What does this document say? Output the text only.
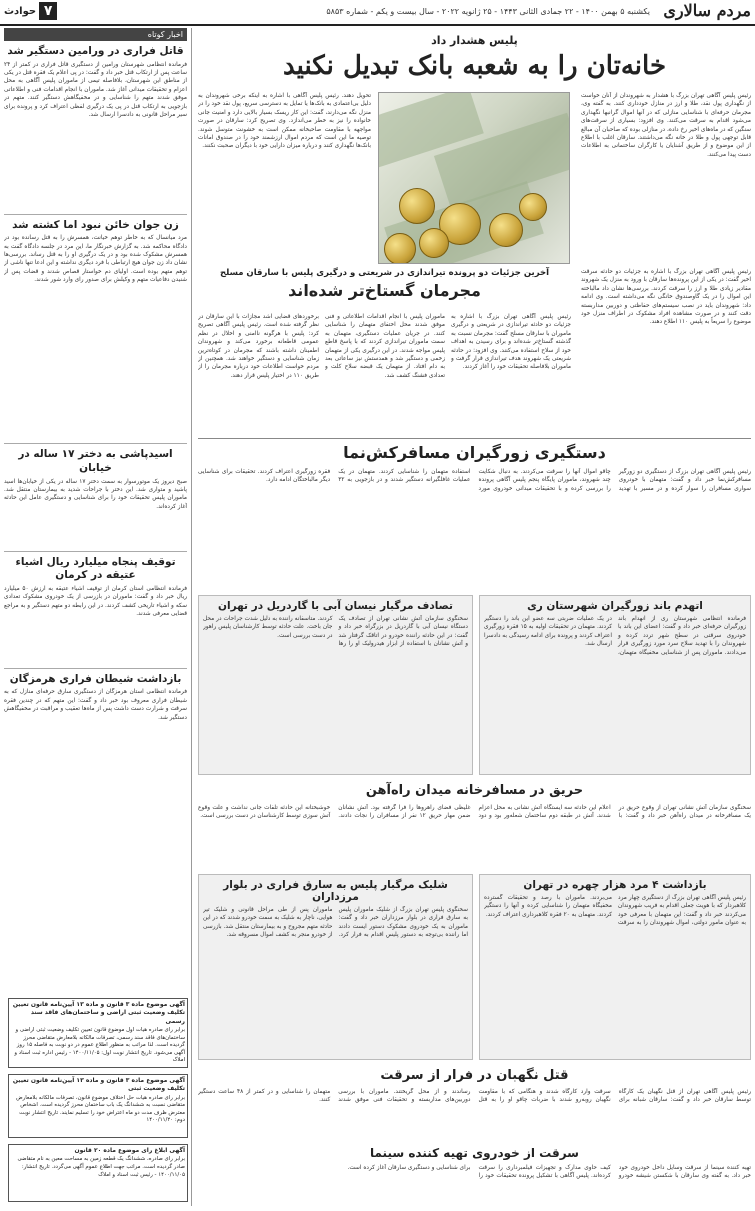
مردم سالاری
یکشنبه ۵ بهمن ۱۴۰۰ - ۲۲ جمادی الثانی ۱۴۴۳ - ۲۵ ژانویه ۲۰۲۲ - سال بیست و یکم - شماره ۵۸۵۳
۷
حوادث
اخبار کوتاه
قاتل فراری در ورامین دستگیر شد
فرمانده انتظامی شهرستان ورامین از دستگیری قاتل فراری در کمتر از ۲۴ ساعت پس از ارتکاب قتل خبر داد و گفت: در پی اعلام یک فقره قتل در یکی از مناطق این شهرستان، بلافاصله تیمی از ماموران پلیس آگاهی به محل اعزام و تحقیقات میدانی آغاز شد. ماموران با انجام اقدامات فنی و اطلاعاتی موفق شدند متهم را شناسایی و در مخفیگاهش دستگیر کنند. متهم در بازجویی به ارتکاب قتل در پی یک درگیری لفظی اعتراف کرد و پرونده برای سیر مراحل قانونی به دادسرا ارسال شد.
زن جوان خائن نبود اما کشته شد
مرد میانسال که به خاطر توهم خیانت، همسرش را به قتل رسانده بود در دادگاه محاکمه شد. به گزارش خبرنگار ما، این مرد در جلسه دادگاه گفت به همسرش مشکوک شده بود و در یک درگیری او را به قتل رساند. بررسی‌ها نشان داد زن جوان هیچ ارتباطی با فرد دیگری نداشته و این ادعا تنها ناشی از توهم متهم بوده است. اولیای دم خواستار قصاص شدند و قضات پس از شنیدن دفاعیات متهم و وکیلش برای صدور رای وارد شور شدند.
اسیدپاشی به دختر ۱۷ ساله در خیابان
صبح دیروز یک موتورسوار به سمت دختر ۱۷ ساله در یکی از خیابان‌ها اسید پاشید و متواری شد. این دختر با جراحات شدید به بیمارستان منتقل شد. ماموران پلیس تحقیقات خود را برای شناسایی و دستگیری عامل این حادثه آغاز کرده‌اند.
توقیف پنجاه میلیارد ریال اشیاء عتیقه در کرمان
فرمانده انتظامی استان کرمان از توقیف اشیاء عتیقه به ارزش ۵۰ میلیارد ریال خبر داد و گفت: ماموران در بازرسی از یک خودروی مشکوک تعدادی سکه و اشیاء تاریخی کشف کردند. در این رابطه دو متهم دستگیر و به مراجع قضایی معرفی شدند.
بازداشت شیطان فراری هرمزگان
فرمانده انتظامی استان هرمزگان از دستگیری سارق حرفه‌ای منازل که به شیطان فراری معروف بود خبر داد و گفت: این متهم که در چندین فقره سرقت و شرارت دست داشت پس از ماه‌ها تعقیب و مراقبت در مخفیگاهش دستگیر شد.
آگهی موضوع ماده ۳ قانون و ماده ۱۳ آیین‌نامه قانون تعیین تکلیف وضعیت ثبتی اراضی و ساختمان‌های فاقد سند رسمی
برابر رای صادره هیات اول موضوع قانون تعیین تکلیف وضعیت ثبتی اراضی و ساختمان‌های فاقد سند رسمی، تصرفات مالکانه بلامعارض متقاضی محرز گردیده است. لذا مراتب به منظور اطلاع عموم در دو نوبت به فاصله ۱۵ روز آگهی می‌شود. تاریخ انتشار نوبت اول: ۱۴۰۰/۱۱/۰۵ - رئیس اداره ثبت اسناد و املاک
آگهی موضوع ماده ۳ قانون و ماده ۱۳ آیین‌نامه قانون تعیین تکلیف وضعیت ثبتی
برابر رای صادره هیات حل اختلاف موضوع قانون، تصرفات مالکانه بلامعارض متقاضی نسبت به ششدانگ یک باب ساختمان محرز گردیده است. اشخاص معترض ظرف مدت دو ماه اعتراض خود را تسلیم نمایند. تاریخ انتشار نوبت دوم: ۱۴۰۰/۱۱/۲۰
آگهی ابلاغ رای موضوع ماده ۲۰ قانون
برابر رای صادره، ششدانگ یک قطعه زمین به مساحت معین به نام متقاضی صادر گردیده است. مراتب جهت اطلاع عموم آگهی می‌گردد. تاریخ انتشار: ۱۴۰۰/۱۱/۰۵ - رئیس ثبت اسناد و املاک
پلیس هشدار داد
خانه‌تان را به شعبه بانک تبدیل نکنید
رئیس پلیس آگاهی تهران بزرگ با هشدار به شهروندان از آنان خواست از نگهداری پول نقد، طلا و ارز در منازل خودداری کنند. به گفته وی، مجرمان حرفه‌ای با شناسایی منازلی که در آنها اموال گرانبها نگهداری می‌شود اقدام به سرقت می‌کنند. وی افزود: بسیاری از سرقت‌های سنگین که در ماه‌های اخیر رخ داده، در منازلی بوده که صاحبان آن مبالغ قابل توجهی پول و طلا در خانه نگه می‌داشتند. سارقان اغلب با اطلاع از این موضوع و از طریق آشنایان یا کارگران ساختمانی به اطلاعات دست پیدا می‌کنند.
تحویل دهند. رئیس پلیس آگاهی با اشاره به اینکه برخی شهروندان به دلیل بی‌اعتمادی به بانک‌ها یا تمایل به دسترسی سریع، پول نقد خود را در منزل نگه می‌دارند، گفت: این کار ریسک بسیار بالایی دارد و امنیت جانی خانواده را نیز به خطر می‌اندازد. وی تصریح کرد: سارقان در صورت مواجهه با مقاومت صاحبخانه ممکن است به خشونت متوسل شوند. توصیه ما این است که مردم اموال ارزشمند خود را در صندوق امانات بانک‌ها نگهداری کنند و درباره میزان دارایی خود با دیگران صحبت نکنند.
رئیس پلیس آگاهی تهران بزرگ با اشاره به جزئیات دو حادثه سرقت اخیر گفت: در یکی از این پرونده‌ها سارقان با ورود به منزل یک شهروند مقادیر زیادی طلا و ارز را سرقت کردند. بررسی‌ها نشان داد مالباخته این اموال را در یک گاوصندوق خانگی نگه می‌داشته است. وی ادامه داد: شهروندان باید در نصب سیستم‌های حفاظتی و دوربین مداربسته دقت کنند و در صورت مشاهده افراد مشکوک در اطراف منزل خود موضوع را سریعاً به پلیس ۱۱۰ اطلاع دهند.
آخرین جزئیات دو پرونده تیراندازی در شریعتی و درگیری پلیس با سارقان مسلح
مجرمان گستاخ‌تر شده‌اند
رئیس پلیس آگاهی تهران بزرگ با اشاره به جزئیات دو حادثه تیراندازی در شریعتی و درگیری ماموران با سارقان مسلح گفت: مجرمان نسبت به گذشته گستاخ‌تر شده‌اند و برای رسیدن به اهداف خود از سلاح استفاده می‌کنند. وی افزود: در حادثه شریعتی یک شهروند هدف تیراندازی قرار گرفت و ماموران بلافاصله تحقیقات خود را آغاز کردند.
ماموران پلیس با انجام اقدامات اطلاعاتی و فنی موفق شدند محل اختفای متهمان را شناسایی کنند. در جریان عملیات دستگیری، متهمان به سمت ماموران تیراندازی کردند که با پاسخ قاطع پلیس مواجه شدند. در این درگیری یکی از متهمان زخمی و دستگیر شد و همدستش نیز ساعاتی بعد به دام افتاد. از متهمان یک قبضه سلاح کلت و تعدادی فشنگ کشف شد.
برخوردهای قضایی اشد مجازات با این سارقان در نظر گرفته شده است. رئیس پلیس آگاهی تصریح کرد: پلیس با هرگونه ناامنی و اخلال در نظم عمومی قاطعانه برخورد می‌کند و شهروندان اطمینان داشته باشند که مجرمان در کوتاه‌ترین زمان شناسایی و دستگیر خواهند شد. همچنین از مردم خواست اطلاعات خود درباره مجرمان را از طریق ۱۱۰ در اختیار پلیس قرار دهند.
دستگیری زورگیران مسافرکش‌نما
رئیس پلیس آگاهی تهران بزرگ از دستگیری دو زورگیر مسافرکش‌نما خبر داد و گفت: متهمان با خودروی سواری مسافران را سوار کرده و در مسیر با تهدید چاقو اموال آنها را سرقت می‌کردند. به دنبال شکایت چند شهروند، ماموران پایگاه پنجم پلیس آگاهی پرونده را بررسی کرده و با تحقیقات میدانی خودروی مورد استفاده متهمان را شناسایی کردند. متهمان در یک عملیات غافلگیرانه دستگیر شدند و در بازجویی به ۳۲ فقره زورگیری اعتراف کردند. تحقیقات برای شناسایی دیگر مالباختگان ادامه دارد.
اتهدم باند زورگیران شهرستان ری
فرمانده انتظامی شهرستان ری از انهدام باند زورگیران حرفه‌ای خبر داد و گفت: اعضای این باند با خودروی سرقتی در سطح شهر تردد کرده و شهروندان را با تهدید سلاح سرد مورد زورگیری قرار می‌دادند. ماموران پس از شناسایی مخفیگاه متهمان، در یک عملیات ضربتی سه عضو این باند را دستگیر کردند. متهمان در تحقیقات اولیه به ۱۵ فقره زورگیری اعتراف کردند و پرونده برای ادامه رسیدگی به دادسرا ارسال شد.
تصادف مرگبار نیسان آبی با گاردریل در تهران
سخنگوی سازمان آتش نشانی تهران از تصادف یک دستگاه نیسان آبی با گاردریل در بزرگراه خبر داد و گفت: در این حادثه راننده خودرو در اتاقک گرفتار شد و آتش نشانان با استفاده از ابزار هیدرولیک او را رها کردند. متاسفانه راننده به دلیل شدت جراحات در محل جان باخت. علت حادثه توسط کارشناسان پلیس راهور در دست بررسی است.
حریق در مسافرخانه میدان راه‌آهن
سخنگوی سازمان آتش نشانی تهران از وقوع حریق در یک مسافرخانه در میدان راه‌آهن خبر داد و گفت: با اعلام این حادثه سه ایستگاه آتش نشانی به محل اعزام شدند. آتش در طبقه دوم ساختمان شعله‌ور بود و دود غلیظی فضای راهروها را فرا گرفته بود. آتش نشانان ضمن مهار حریق ۱۲ نفر از مسافران را نجات دادند. خوشبختانه این حادثه تلفات جانی نداشت و علت وقوع آتش سوزی توسط کارشناسان در دست بررسی است.
بازداشت ۴ مرد هزار چهره در تهران
رئیس پلیس آگاهی تهران بزرگ از دستگیری چهار مرد کلاهبردار که با هویت جعلی اقدام به فریب شهروندان می‌کردند خبر داد و گفت: این متهمان با معرفی خود به عنوان مامور دولتی، اموال شهروندان را به سرقت می‌بردند. ماموران با رصد و تحقیقات گسترده مخفیگاه متهمان را شناسایی کرده و آنها را دستگیر کردند. متهمان به ۲۰ فقره کلاهبرداری اعتراف کردند.
شلیک مرگبار پلیس به سارق فراری در بلوار مرزداران
سخنگوی پلیس تهران بزرگ از شلیک ماموران پلیس به سارق فراری در بلوار مرزداران خبر داد و گفت: ماموران به یک خودروی مشکوک دستور ایست دادند اما راننده بی‌توجه به دستور پلیس اقدام به فرار کرد. ماموران پس از طی مراحل قانونی و شلیک تیر هوایی، ناچار به شلیک به سمت خودرو شدند که در این حادثه متهم مجروح و به بیمارستان منتقل شد. بازرسی از خودرو منجر به کشف اموال مسروقه شد.
قتل نگهبان در فرار از سرقت
رئیس پلیس آگاهی تهران از قتل نگهبان یک کارگاه توسط سارقان خبر داد و گفت: سارقان شبانه برای سرقت وارد کارگاه شدند و هنگامی که با مقاومت نگهبان روبه‌رو شدند با ضربات چاقو او را به قتل رساندند و از محل گریختند. ماموران با بررسی دوربین‌های مداربسته و تحقیقات فنی موفق شدند متهمان را شناسایی و در کمتر از ۴۸ ساعت دستگیر کنند.
سرقت از خودروی تهیه کننده سینما
تهیه کننده سینما از سرقت وسایل داخل خودروی خود خبر داد. به گفته وی سارقان با شکستن شیشه خودرو کیف حاوی مدارک و تجهیزات فیلمبرداری را سرقت کرده‌اند. پلیس آگاهی با تشکیل پرونده تحقیقات خود را برای شناسایی و دستگیری سارقان آغاز کرده است.
